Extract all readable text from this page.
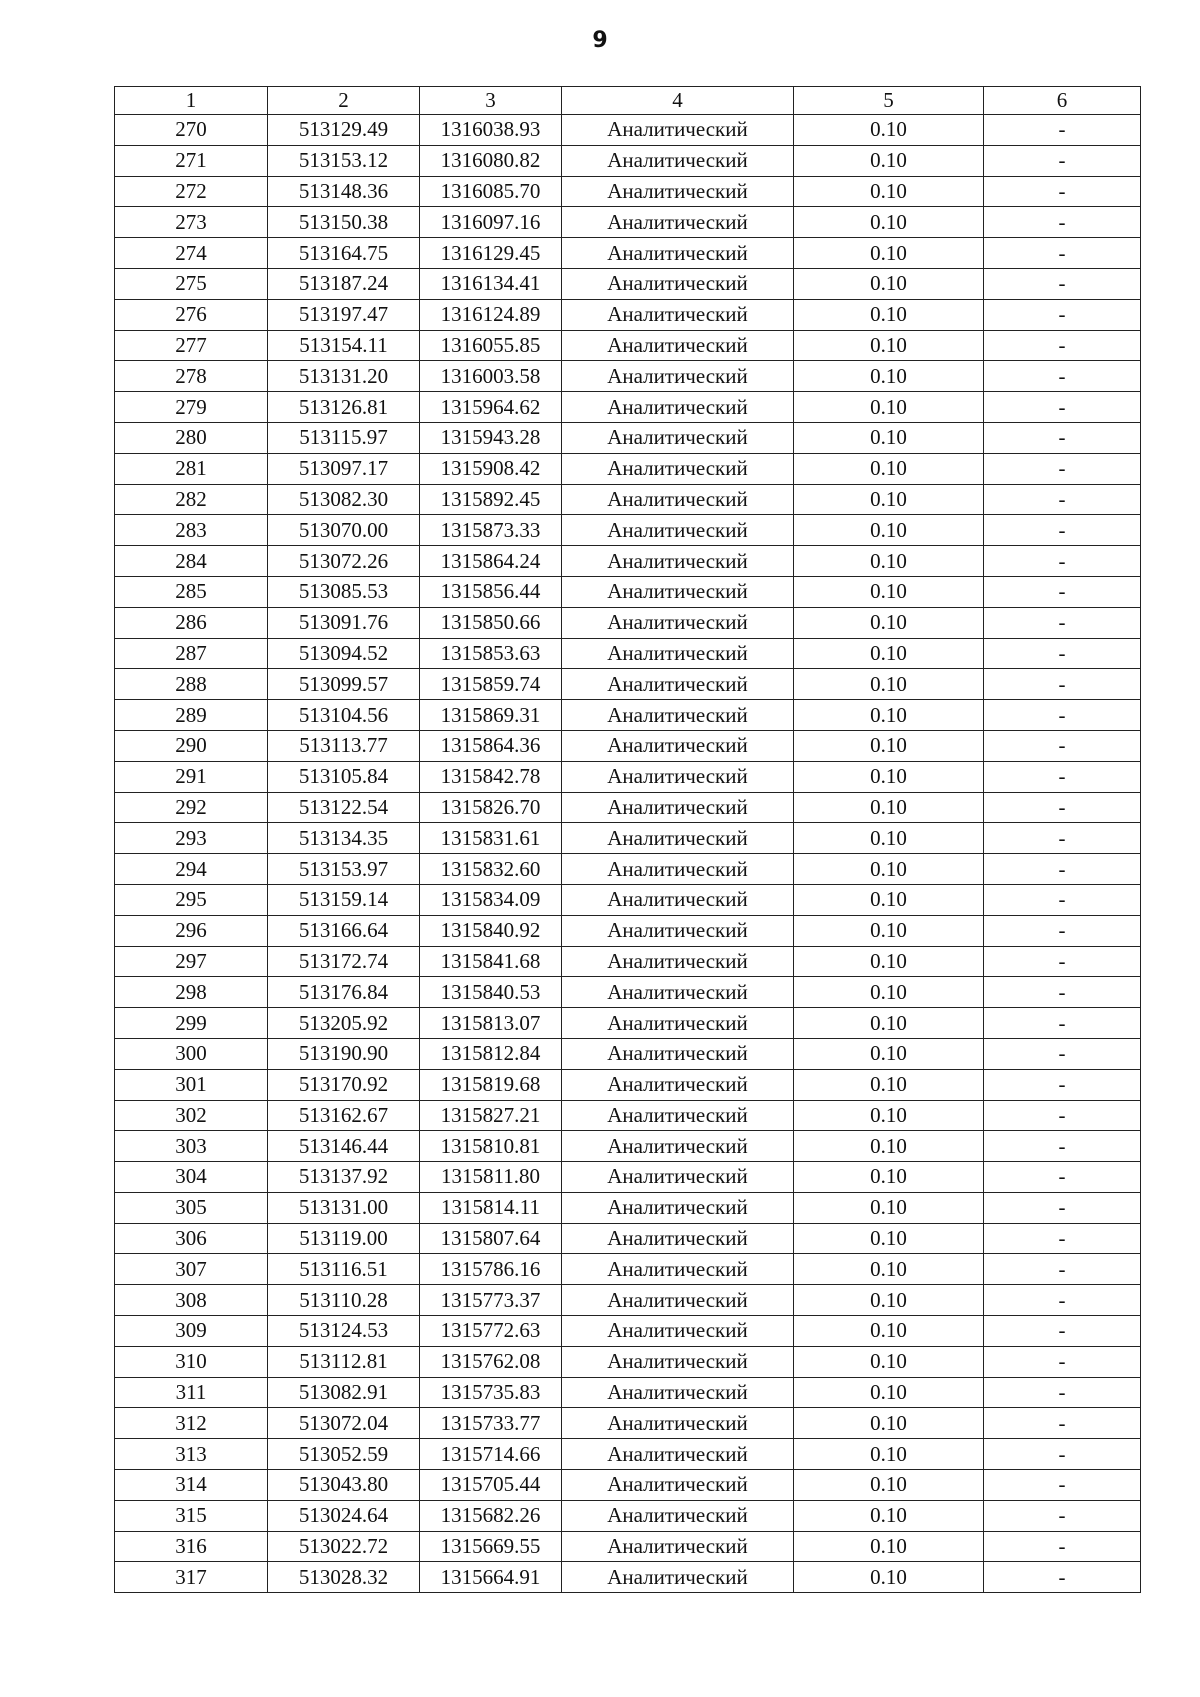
9
1	2	3	4	5	6
270	513129.49	1316038.93	Аналитический	0.10	-
271	513153.12	1316080.82	Аналитический	0.10	-
272	513148.36	1316085.70	Аналитический	0.10	-
273	513150.38	1316097.16	Аналитический	0.10	-
274	513164.75	1316129.45	Аналитический	0.10	-
275	513187.24	1316134.41	Аналитический	0.10	-
276	513197.47	1316124.89	Аналитический	0.10	-
277	513154.11	1316055.85	Аналитический	0.10	-
278	513131.20	1316003.58	Аналитический	0.10	-
279	513126.81	1315964.62	Аналитический	0.10	-
280	513115.97	1315943.28	Аналитический	0.10	-
281	513097.17	1315908.42	Аналитический	0.10	-
282	513082.30	1315892.45	Аналитический	0.10	-
283	513070.00	1315873.33	Аналитический	0.10	-
284	513072.26	1315864.24	Аналитический	0.10	-
285	513085.53	1315856.44	Аналитический	0.10	-
286	513091.76	1315850.66	Аналитический	0.10	-
287	513094.52	1315853.63	Аналитический	0.10	-
288	513099.57	1315859.74	Аналитический	0.10	-
289	513104.56	1315869.31	Аналитический	0.10	-
290	513113.77	1315864.36	Аналитический	0.10	-
291	513105.84	1315842.78	Аналитический	0.10	-
292	513122.54	1315826.70	Аналитический	0.10	-
293	513134.35	1315831.61	Аналитический	0.10	-
294	513153.97	1315832.60	Аналитический	0.10	-
295	513159.14	1315834.09	Аналитический	0.10	-
296	513166.64	1315840.92	Аналитический	0.10	-
297	513172.74	1315841.68	Аналитический	0.10	-
298	513176.84	1315840.53	Аналитический	0.10	-
299	513205.92	1315813.07	Аналитический	0.10	-
300	513190.90	1315812.84	Аналитический	0.10	-
301	513170.92	1315819.68	Аналитический	0.10	-
302	513162.67	1315827.21	Аналитический	0.10	-
303	513146.44	1315810.81	Аналитический	0.10	-
304	513137.92	1315811.80	Аналитический	0.10	-
305	513131.00	1315814.11	Аналитический	0.10	-
306	513119.00	1315807.64	Аналитический	0.10	-
307	513116.51	1315786.16	Аналитический	0.10	-
308	513110.28	1315773.37	Аналитический	0.10	-
309	513124.53	1315772.63	Аналитический	0.10	-
310	513112.81	1315762.08	Аналитический	0.10	-
311	513082.91	1315735.83	Аналитический	0.10	-
312	513072.04	1315733.77	Аналитический	0.10	-
313	513052.59	1315714.66	Аналитический	0.10	-
314	513043.80	1315705.44	Аналитический	0.10	-
315	513024.64	1315682.26	Аналитический	0.10	-
316	513022.72	1315669.55	Аналитический	0.10	-
317	513028.32	1315664.91	Аналитический	0.10	-
